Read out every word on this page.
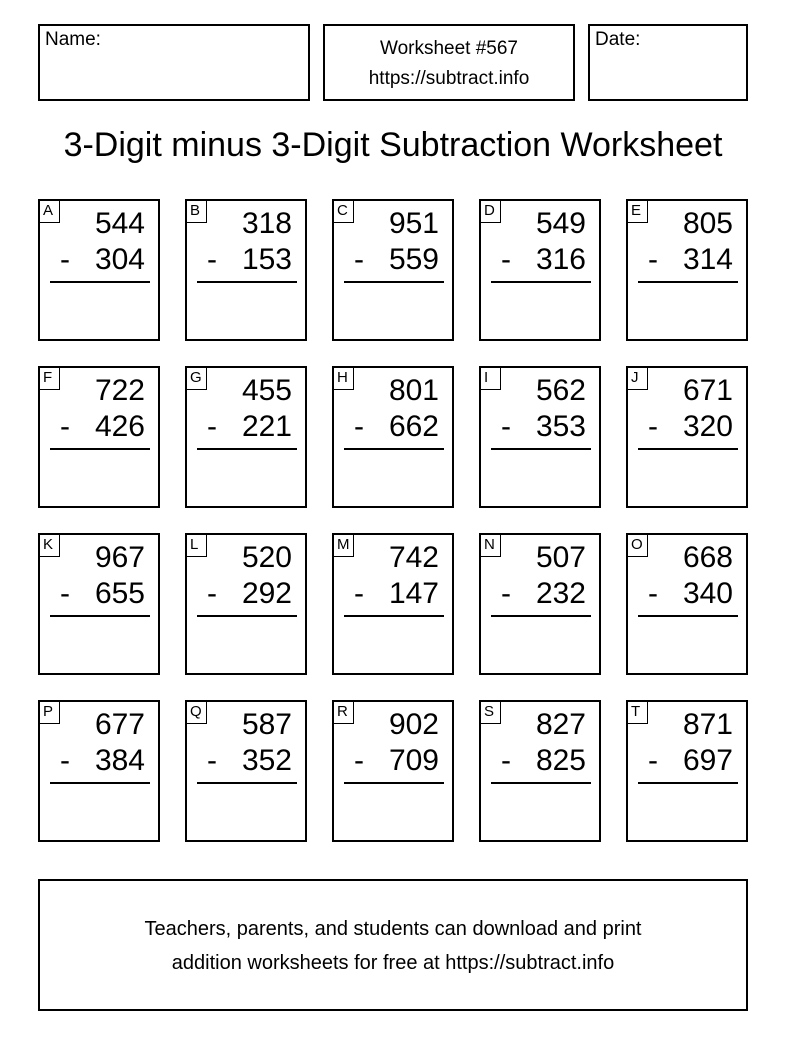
Name:	Worksheet #567
https://subtract.info
Date:
3-Digit minus 3-Digit Subtraction Worksheet
A 544
- 304
B 318
- 153
C 951
- 559
D 549
- 316
E 805
- 314
F 722
- 426
G 455
- 221
H 801
- 662
I	562
- 353
J	671
- 320
K 967
- 655
L 520
- 292
M 742
- 147
N 507
- 232
O 668
- 340
P 677
- 384
Q 587
- 352
R 902
- 709
S 827
- 825
T 871
- 697
Teachers, parents, and students can download and print
addition worksheets for free at https://subtract.info
